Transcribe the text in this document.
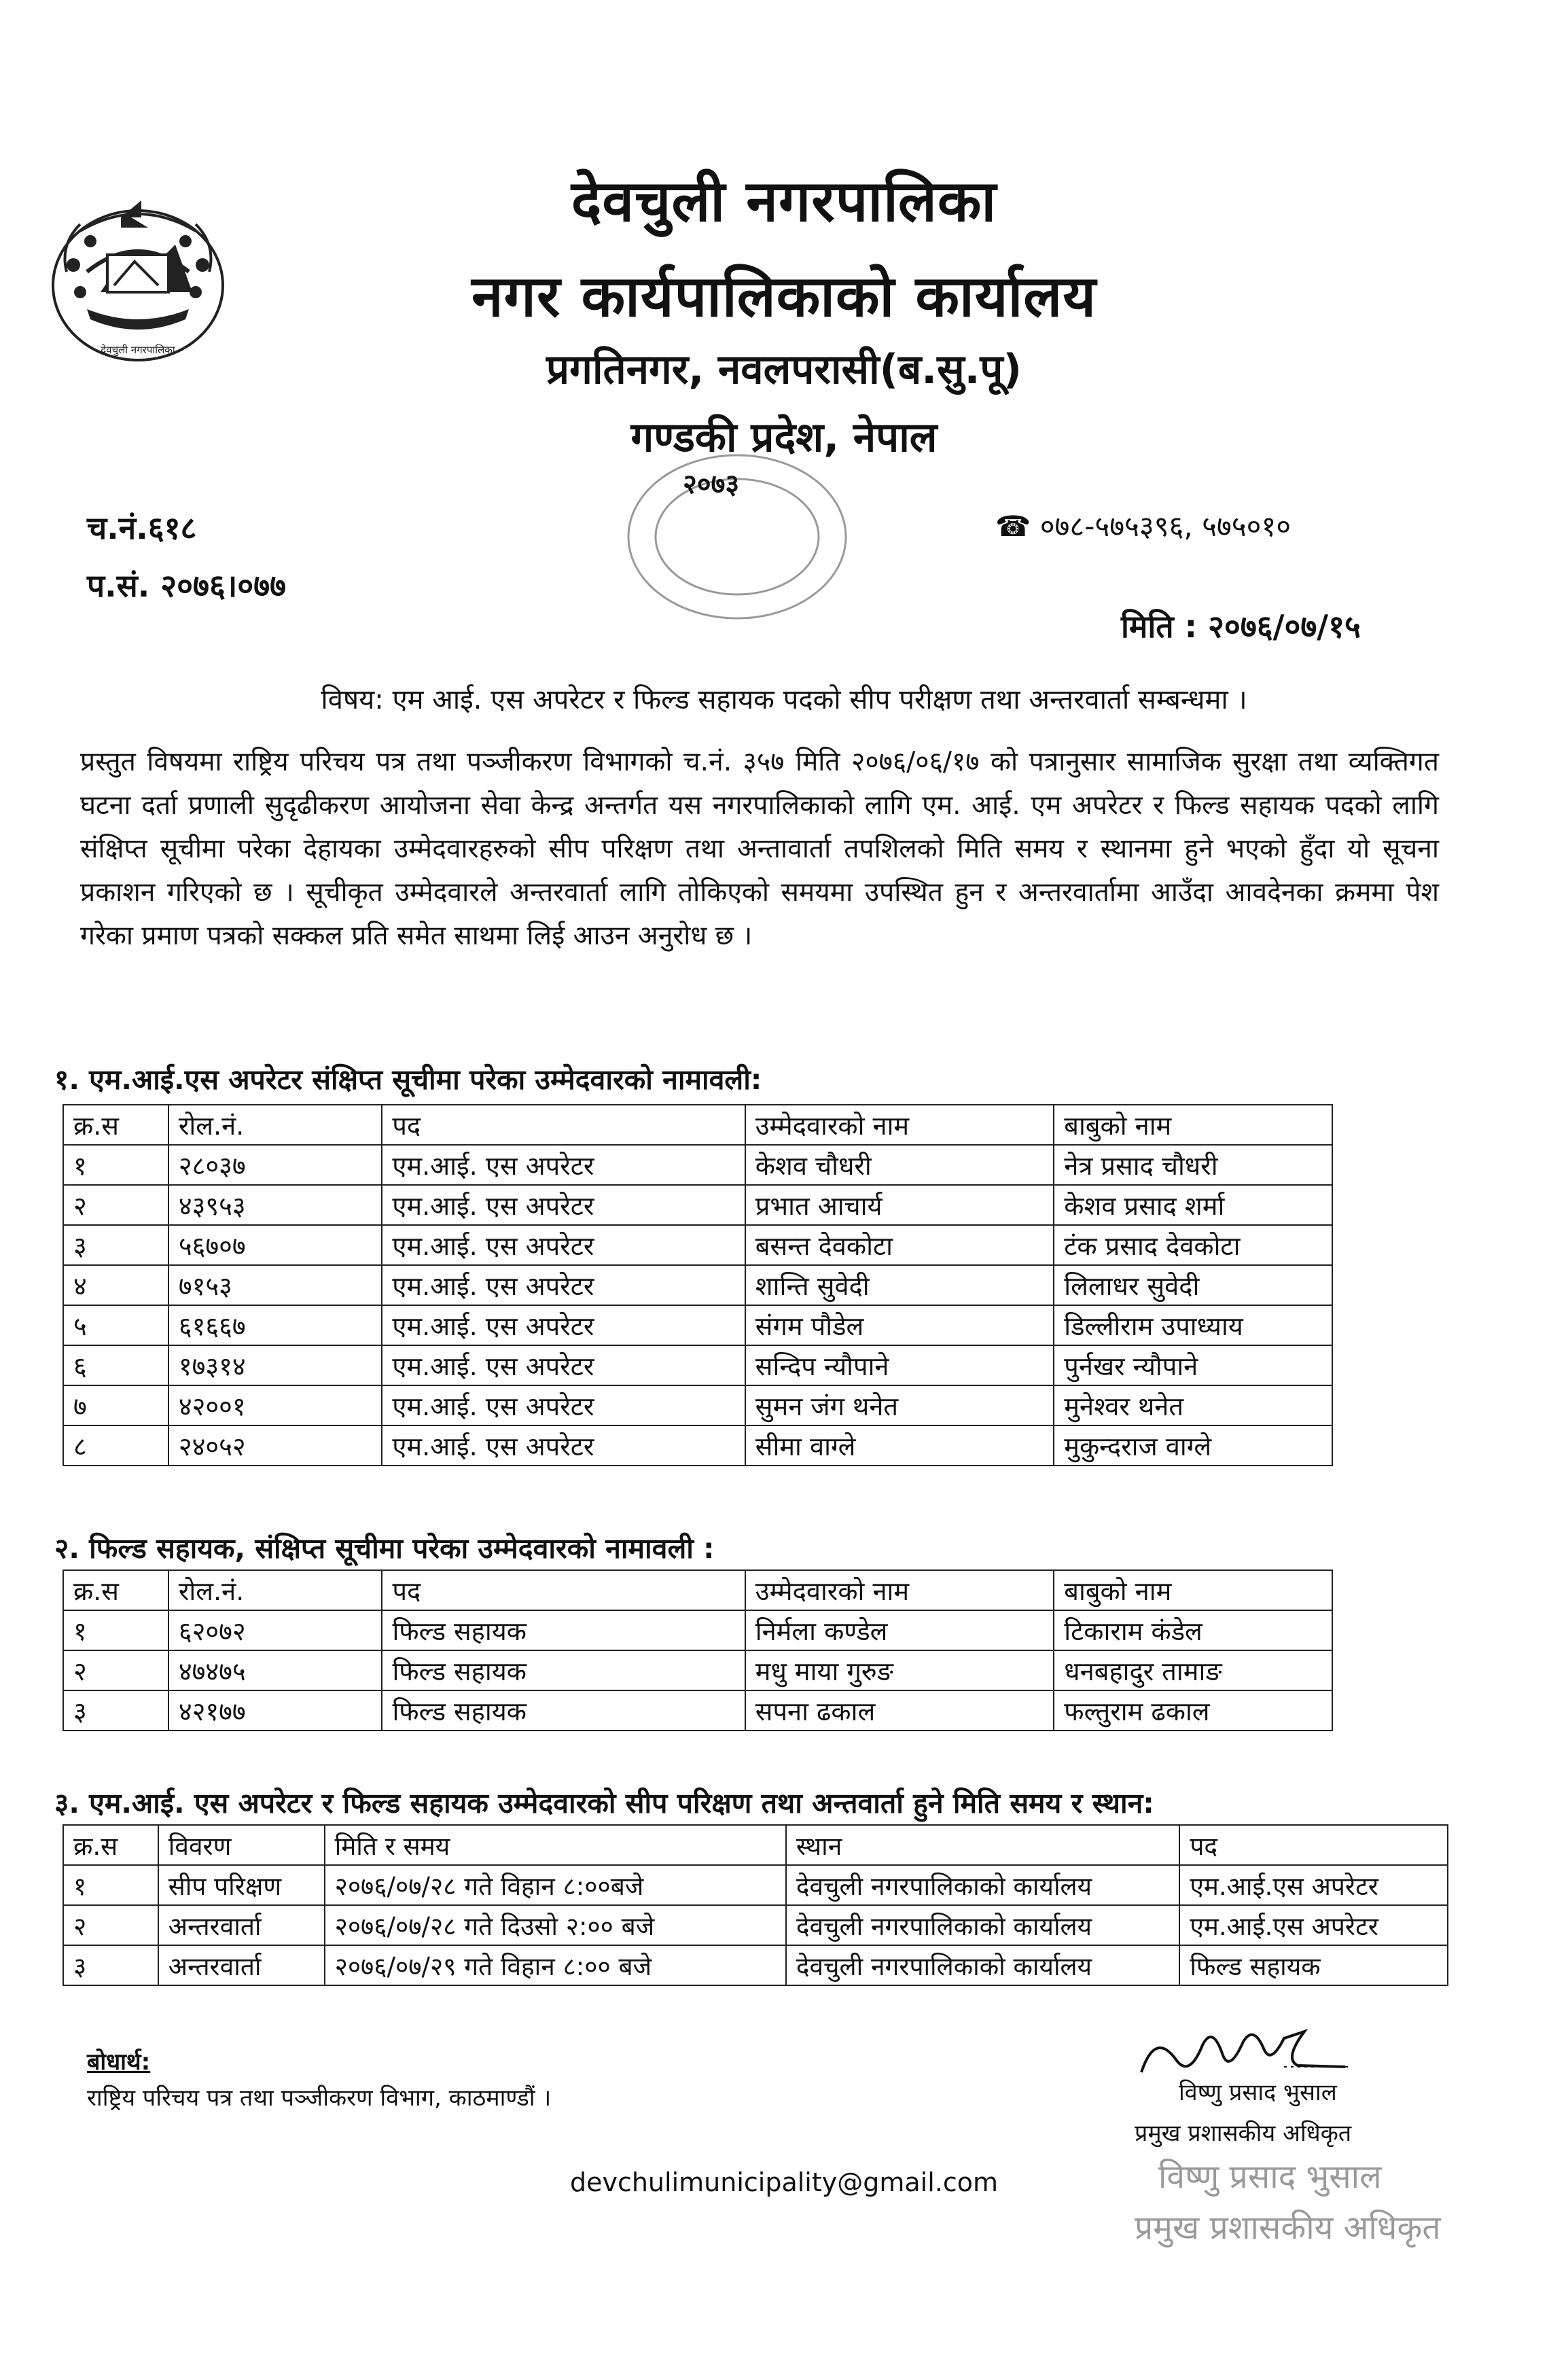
देवचुली नगरपालिका
देवचुली नगरपालिका
नगर कार्यपालिकाको कार्यालय
प्रगतिनगर, नवलपरासी(ब.सु.पू)
गण्डकी प्रदेश, नेपाल
२०७३
च.नं.६१८
प.सं. २०७६।०७७
☎ ०७८-५७५३९६, ५७५०१०
मिति : २०७६/०७/१५
विषय: एम आई. एस अपरेटर र फिल्ड सहायक पदको सीप परीक्षण तथा अन्तरवार्ता सम्बन्धमा ।
प्रस्तुत विषयमा राष्ट्रिय परिचय पत्र तथा पञ्जीकरण विभागको च.नं. ३५७ मिति २०७६/०६/१७ को पत्रानुसार सामाजिक सुरक्षा तथा व्यक्तिगत घटना दर्ता प्रणाली सुदृढीकरण आयोजना सेवा केन्द्र अन्तर्गत यस नगरपालिकाको लागि एम. आई. एम अपरेटर र फिल्ड सहायक पदको लागि संक्षिप्त सूचीमा परेका देहायका उम्मेदवारहरुको सीप परिक्षण तथा अन्तावार्ता तपशिलको मिति समय र स्थानमा हुने भएको हुँदा यो सूचना प्रकाशन गरिएको छ । सूचीकृत उम्मेदवारले अन्तरवार्ता लागि तोकिएको समयमा उपस्थित हुन र अन्तरवार्तामा आउँदा आवदेनका क्रममा पेश गरेका प्रमाण पत्रको सक्कल प्रति समेत साथमा लिई आउन अनुरोध छ ।
१. एम.आई.एस अपरेटर संक्षिप्त सूचीमा परेका उम्मेदवारको नामावली:
क्र.स	रोल.नं.	पद	उम्मेदवारको नाम	बाबुको नाम
१	२८०३७	एम.आई. एस अपरेटर	केशव चौधरी	नेत्र प्रसाद चौधरी
२	४३९५३	एम.आई. एस अपरेटर	प्रभात आचार्य	केशव प्रसाद शर्मा
३	५६७०७	एम.आई. एस अपरेटर	बसन्त देवकोटा	टंक प्रसाद देवकोटा
४	७१५३	एम.आई. एस अपरेटर	शान्ति सुवेदी	लिलाधर सुवेदी
५	६१६६७	एम.आई. एस अपरेटर	संगम पौडेल	डिल्लीराम उपाध्याय
६	१७३१४	एम.आई. एस अपरेटर	सन्दिप न्यौपाने	पुर्नखर न्यौपाने
७	४२००१	एम.आई. एस अपरेटर	सुमन जंग थनेत	मुनेश्वर थनेत
८	२४०५२	एम.आई. एस अपरेटर	सीमा वाग्ले	मुकुन्दराज वाग्ले
२. फिल्ड सहायक, संक्षिप्त सूचीमा परेका उम्मेदवारको नामावली :
क्र.स	रोल.नं.	पद	उम्मेदवारको नाम	बाबुको नाम
१	६२०७२	फिल्ड सहायक	निर्मला कण्डेल	टिकाराम कंडेल
२	४७४७५	फिल्ड सहायक	मधु माया गुरुङ	धनबहादुर तामाङ
३	४२१७७	फिल्ड सहायक	सपना ढकाल	फल्तुराम ढकाल
३. एम.आई. एस अपरेटर र फिल्ड सहायक उम्मेदवारको सीप परिक्षण तथा अन्तवार्ता हुने मिति समय र स्थान:
क्र.स	विवरण	मिति र समय	स्थान	पद
१	सीप परिक्षण	२०७६/०७/२८ गते विहान ८:००बजे	देवचुली नगरपालिकाको कार्यालय	एम.आई.एस अपरेटर
२	अन्तरवार्ता	२०७६/०७/२८ गते दिउसो २:०० बजे	देवचुली नगरपालिकाको कार्यालय	एम.आई.एस अपरेटर
३	अन्तरवार्ता	२०७६/०७/२९ गते विहान ८:०० बजे	देवचुली नगरपालिकाको कार्यालय	फिल्ड सहायक
बोधार्थ:
राष्ट्रिय परिचय पत्र तथा पञ्जीकरण विभाग, काठमाण्डौं ।	विष्णु प्रसाद भुसाल
प्रमुख प्रशासकीय अधिकृत
विष्णु प्रसाद भुसाल
प्रमुख प्रशासकीय अधिकृत
devchulimunicipality@gmail.com
